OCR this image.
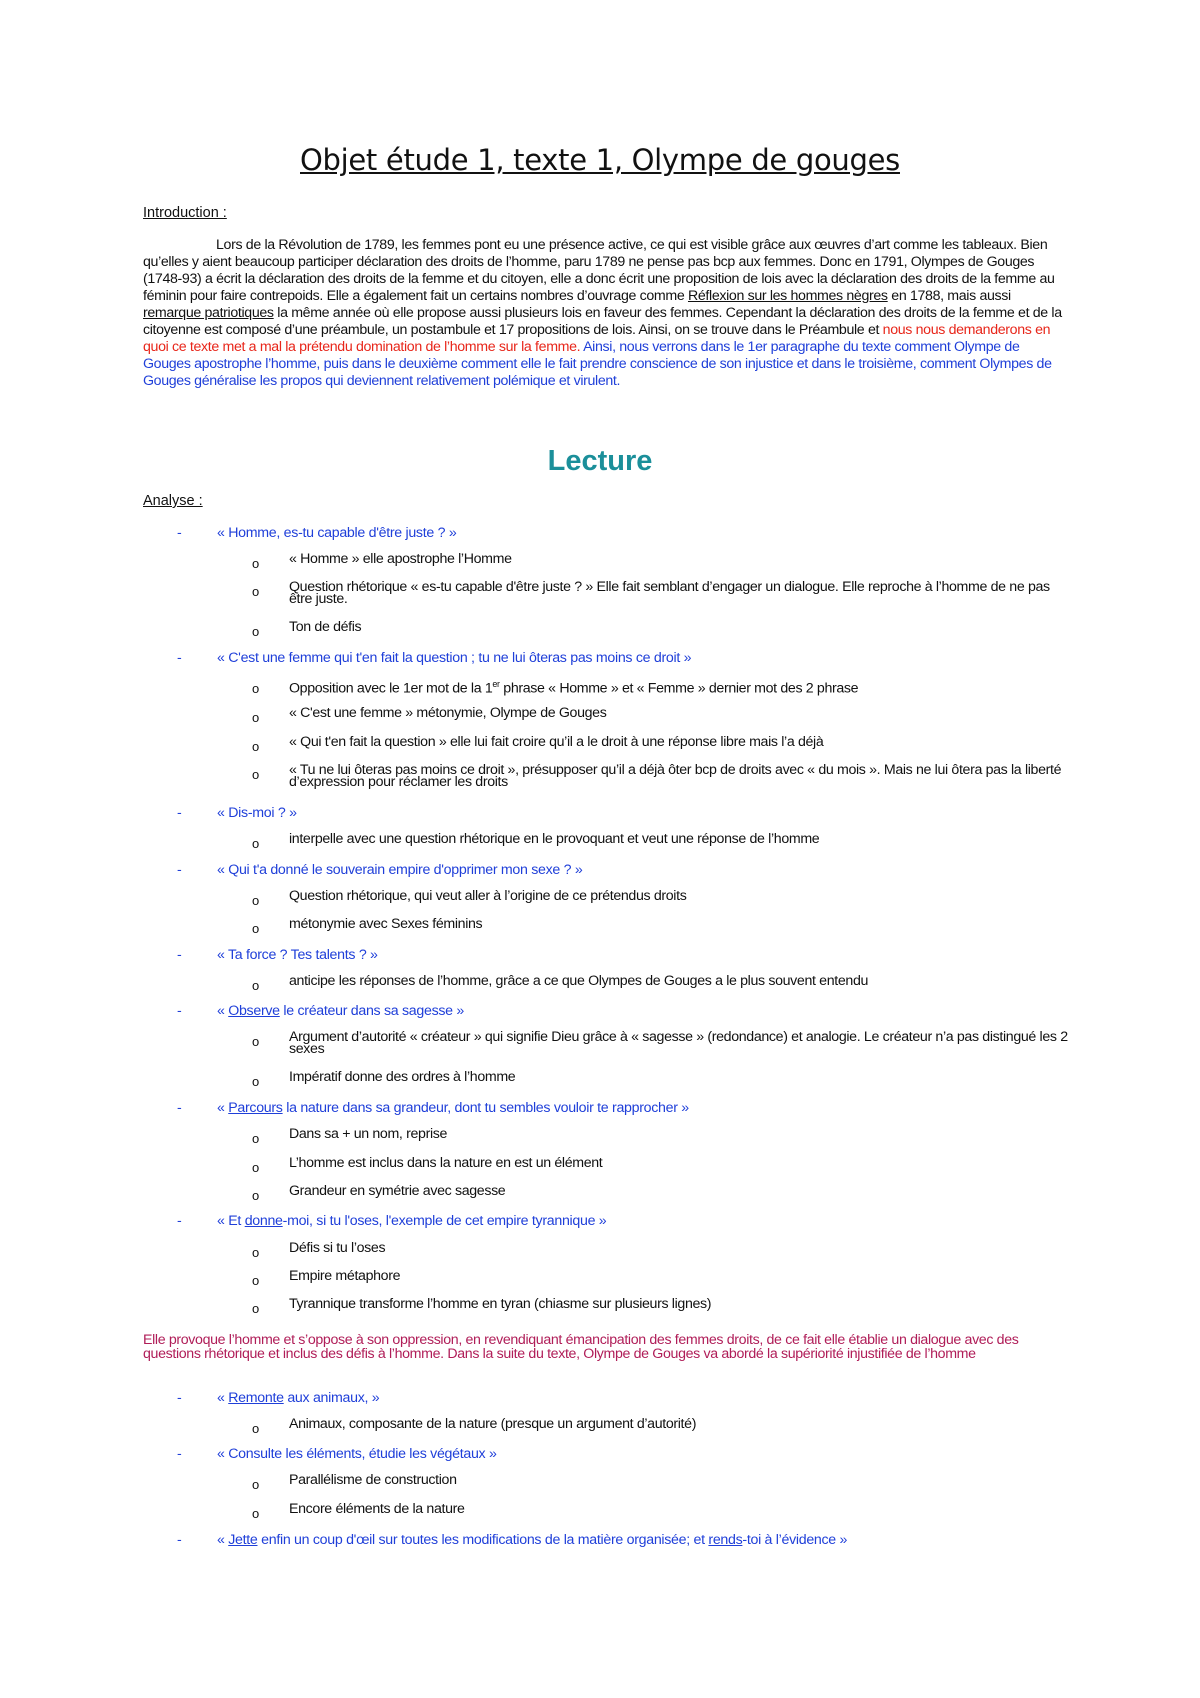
Objet étude 1, texte 1, Olympe de gouges
Introduction :

Lors de la Révolution de 1789, les femmes pont eu une présence active, ce qui est visible grâce aux œuvres d’art comme les tableaux. Bien qu’elles y aient beaucoup participer déclaration des droits de l’homme, paru 1789 ne pense pas bcp aux femmes. Donc en 1791, Olympes de Gouges (1748-93) a écrit la déclaration des droits de la femme et du citoyen, elle a donc écrit une proposition de lois avec la déclaration des droits de la femme au féminin pour faire contrepoids. Elle a également fait un certains nombres d’ouvrage comme Réflexion sur les hommes nègres en 1788, mais aussi remarque patriotiques la même année où elle propose aussi plusieurs lois en faveur des femmes. Cependant la déclaration des droits de la femme et de la citoyenne est composé d’une préambule, un postambule et 17 propositions de lois. Ainsi, on se trouve dans le Préambule et nous nous demanderons en quoi ce texte met a mal la prétendu domination de l’homme sur la femme. Ainsi, nous verrons dans le 1er paragraphe du texte comment Olympe de Gouges apostrophe l’homme, puis dans le deuxième comment elle le fait prendre conscience de son injustice et dans le troisième, comment Olympes de Gouges généralise les propos qui deviennent relativement polémique et virulent.

Lecture
Analyse :
-	« Homme, es-tu capable d'être juste ? »
o « Homme » elle apostrophe l’Homme
o Question rhétorique « es-tu capable d'être juste ? » Elle fait semblant d’engager un dialogue. Elle reproche à l’homme de ne pas être juste.
o Ton de défis
-	« C'est une femme qui t'en fait la question ; tu ne lui ôteras pas moins ce droit »
o Opposition avec le 1er mot de la 1er phrase « Homme » et « Femme » dernier mot des 2 phrase
o « C'est une femme » métonymie, Olympe de Gouges
o « Qui t'en fait la question » elle lui fait croire qu’il a le droit à une réponse libre mais l’a déjà
o « Tu ne lui ôteras pas moins ce droit », présupposer qu’il a déjà ôter bcp de droits avec « du mois ». Mais ne lui ôtera pas la liberté d’expression pour réclamer les droits
-	« Dis-moi ? »
o interpelle avec une question rhétorique en le provoquant et veut une réponse de l’homme
-	« Qui t'a donné le souverain empire d'opprimer mon sexe ? »
o Question rhétorique, qui veut aller à l’origine de ce prétendus droits
o métonymie avec Sexes féminins
-	« Ta force ? Tes talents ? »
o anticipe les réponses de l’homme, grâce a ce que Olympes de Gouges a le plus souvent entendu
-	« Observe le créateur dans sa sagesse »
o Argument d’autorité « créateur » qui signifie Dieu grâce à « sagesse » (redondance) et analogie. Le créateur n’a pas distingué les 2 sexes
o Impératif donne des ordres à l’homme
-	« Parcours la nature dans sa grandeur, dont tu sembles vouloir te rapprocher »
o Dans sa + un nom, reprise
o L’homme est inclus dans la nature en est un élément
o Grandeur en symétrie avec sagesse
-	« Et donne-moi, si tu l'oses, l'exemple de cet empire tyrannique »
o Défis si tu l’oses
o Empire métaphore
o Tyrannique transforme l’homme en tyran (chiasme sur plusieurs lignes)

Elle provoque l’homme et s’oppose à son oppression, en revendiquant émancipation des femmes droits, de ce fait elle établie un dialogue avec des questions rhétorique et inclus des défis à l’homme. Dans la suite du texte, Olympe de Gouges va abordé la supériorité injustifiée de l’homme

-	« Remonte aux animaux, »
o Animaux, composante de la nature (presque un argument d’autorité)
-	« Consulte les éléments, étudie les végétaux »
o Parallélisme de construction
o Encore éléments de la nature
-	« Jette enfin un coup d'œil sur toutes les modifications de la matière organisée; et rends-toi à l’évidence »
